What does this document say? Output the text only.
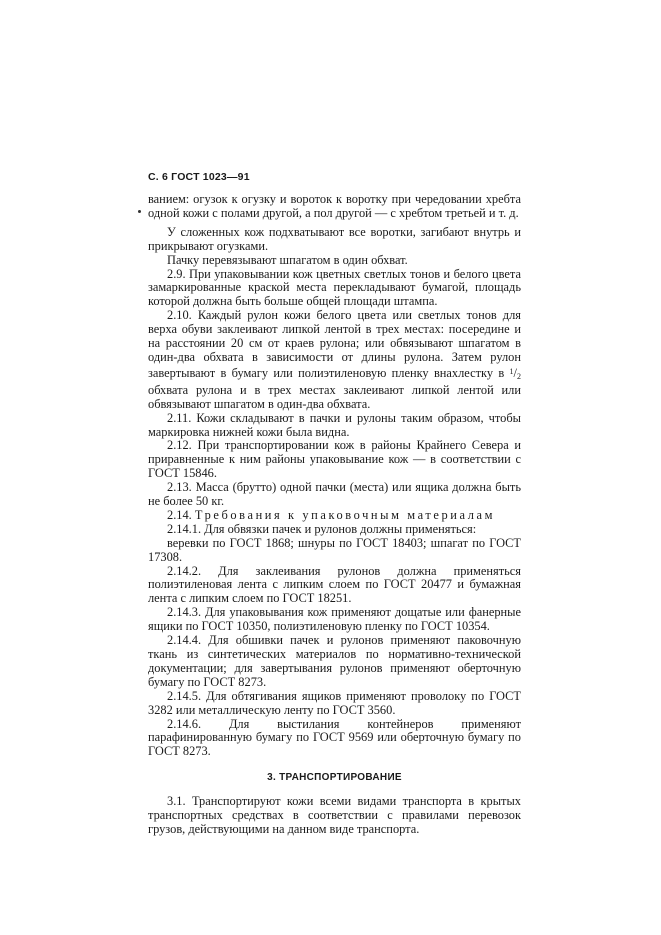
С. 6 ГОСТ 1023—91

ванием: огузок к огузку и вороток к воротку при чередовании хребта одной кожи с полами другой, а пол другой — с хребтом третьей и т. д.

У сложенных кож подхватывают все воротки, загибают внутрь и прикрывают огузками.

Пачку перевязывают шпагатом в один обхват.

2.9. При упаковывании кож цветных светлых тонов и белого цвета замаркированные краской места перекладывают бумагой, площадь которой должна быть больше общей площади штампа.

2.10. Каждый рулон кожи белого цвета или светлых тонов для верха обуви заклеивают липкой лентой в трех местах: посередине и на расстоянии 20 см от краев рулона; или обвязывают шпагатом в один-два обхвата в зависимости от длины рулона. Затем рулон завертывают в бумагу или полиэтиленовую пленку внахлестку в $^1$/2 обхвата рулона и в трех местах заклеивают липкой лентой или обвязывают шпагатом в один-два обхвата.

2.11. Кожи складывают в пачки и рулоны таким образом, чтобы маркировка нижней кожи была видна.

2.12. При транспортировании кож в районы Крайнего Севера и приравненные к ним районы упаковывание кож — в соответствии с ГОСТ 15846.

2.13. Масса (брутто) одной пачки (места) или ящика должна быть не более 50 кг.

2.14. Требования к упаковочным материалам

2.14.1. Для обвязки пачек и рулонов должны применяться:

веревки по ГОСТ 1868; шнуры по ГОСТ 18403; шпагат по ГОСТ 17308.

2.14.2. Для заклеивания рулонов должна применяться полиэтиленовая лента с липким слоем по ГОСТ 20477 и бумажная лента с липким слоем по ГОСТ 18251.

2.14.3. Для упаковывания кож применяют дощатые или фанерные ящики по ГОСТ 10350, полиэтиленовую пленку по ГОСТ 10354.

2.14.4. Для обшивки пачек и рулонов применяют паковочную ткань из синтетических материалов по нормативно-технической документации; для завертывания рулонов применяют оберточную бумагу по ГОСТ 8273.

2.14.5. Для обтягивания ящиков применяют проволоку по ГОСТ 3282 или металлическую ленту по ГОСТ 3560.

2.14.6. Для выстилания контейнеров применяют парафинированную бумагу по ГОСТ 9569 или оберточную бумагу по ГОСТ 8273.

3. ТРАНСПОРТИРОВАНИЕ

3.1. Транспортируют кожи всеми видами транспорта в крытых транспортных средствах в соответствии с правилами перевозок грузов, действующими на данном виде транспорта.
